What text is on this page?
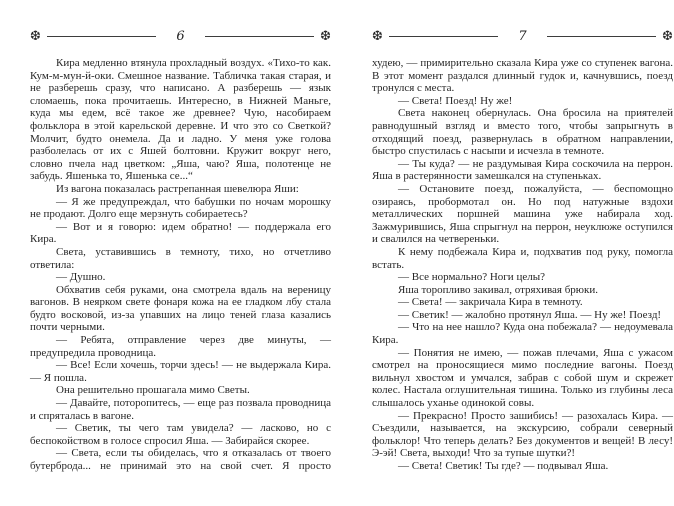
❆	6	❆

Кира медленно втянула прохладный воздух. «Тихо-то как. Кум-м-мун-й-оки. Смешное название. Табличка такая старая, и не разберешь сразу, что написано. А разберешь — язык сломаешь, пока прочитаешь. Интересно, в Нижней Маньге, куда мы едем, всё такое же древнее? Чую, насобираем фольклора в этой карельской деревне. И что это со Светкой? Молчит, будто онемела. Да и ладно. У меня уже голова разболелась от их с Яшей болтовни. Кружит вокруг него, словно пчела над цветком: „Яша, чаю? Яша, полотенце не забудь. Яшенька то, Яшенька се...“

Из вагона показалась растрепанная шевелюра Яши:

— Я же предупреждал, что бабушки по ночам морошку не продают. Долго еще мерзнуть собираетесь?

— Вот и я говорю: идем обратно! — поддержала его Кира.

Света, уставившись в темноту, тихо, но отчетливо ответила:

— Душно.

Обхватив себя руками, она смотрела вдаль на вереницу вагонов. В неярком свете фонаря кожа на ее гладком лбу стала будто восковой, из-за упавших на лицо теней глаза казались почти черными.

— Ребята, отправление через две минуты, — предупредила проводница.

— Все! Если хочешь, торчи здесь! — не выдержала Кира. — Я пошла.

Она решительно прошагала мимо Светы.

— Давайте, поторопитесь, — еще раз позвала проводница и спряталась в вагоне.

— Светик, ты чего там увидела? — ласково, но с беспокойством в голосе спросил Яша. — Забирайся скорее.

— Света, если ты обиделась, что я отказалась от твоего бутерброда... не принимай это на свой счет. Я просто

❆	7	❆

худею, — примирительно сказала Кира уже со ступенек вагона. В этот момент раздался длинный гудок и, качнувшись, поезд тронулся с места.

— Света! Поезд! Ну же!

Света наконец обернулась. Она бросила на приятелей равнодушный взгляд и вместо того, чтобы запрыгнуть в отходящий поезд, развернулась в обратном направлении, быстро спустилась с насыпи и исчезла в темноте.

— Ты куда? — не раздумывая Кира соскочила на перрон. Яша в растерянности замешкался на ступеньках.

— Остановите поезд, пожалуйста, — беспомощно озираясь, пробормотал он. Но под натужные вздохи металлических поршней машина уже набирала ход. Зажмурившись, Яша спрыгнул на перрон, неуклюже оступился и свалился на четвереньки.

К нему подбежала Кира и, подхватив под руку, помогла встать.

— Все нормально? Ноги целы?

Яша торопливо закивал, отряхивая брюки.

— Света! — закричала Кира в темноту.

— Светик! — жалобно протянул Яша. — Ну же! Поезд!

— Что на нее нашло? Куда она побежала? — недоумевала Кира.

— Понятия не имею, — пожав плечами, Яша с ужасом смотрел на проносящиеся мимо последние вагоны. Поезд вильнул хвостом и умчался, забрав с собой шум и скрежет колес. Настала оглушительная тишина. Только из глубины леса слышалось уханье одинокой совы.

— Прекрасно! Просто зашибись! — разохалась Кира. — Съездили, называется, на экскурсию, собрали северный фольклор! Что теперь делать? Без документов и вещей! В лесу! Э-эй! Света, выходи! Что за тупые шутки?!

— Света! Светик! Ты где? — подвывал Яша.
